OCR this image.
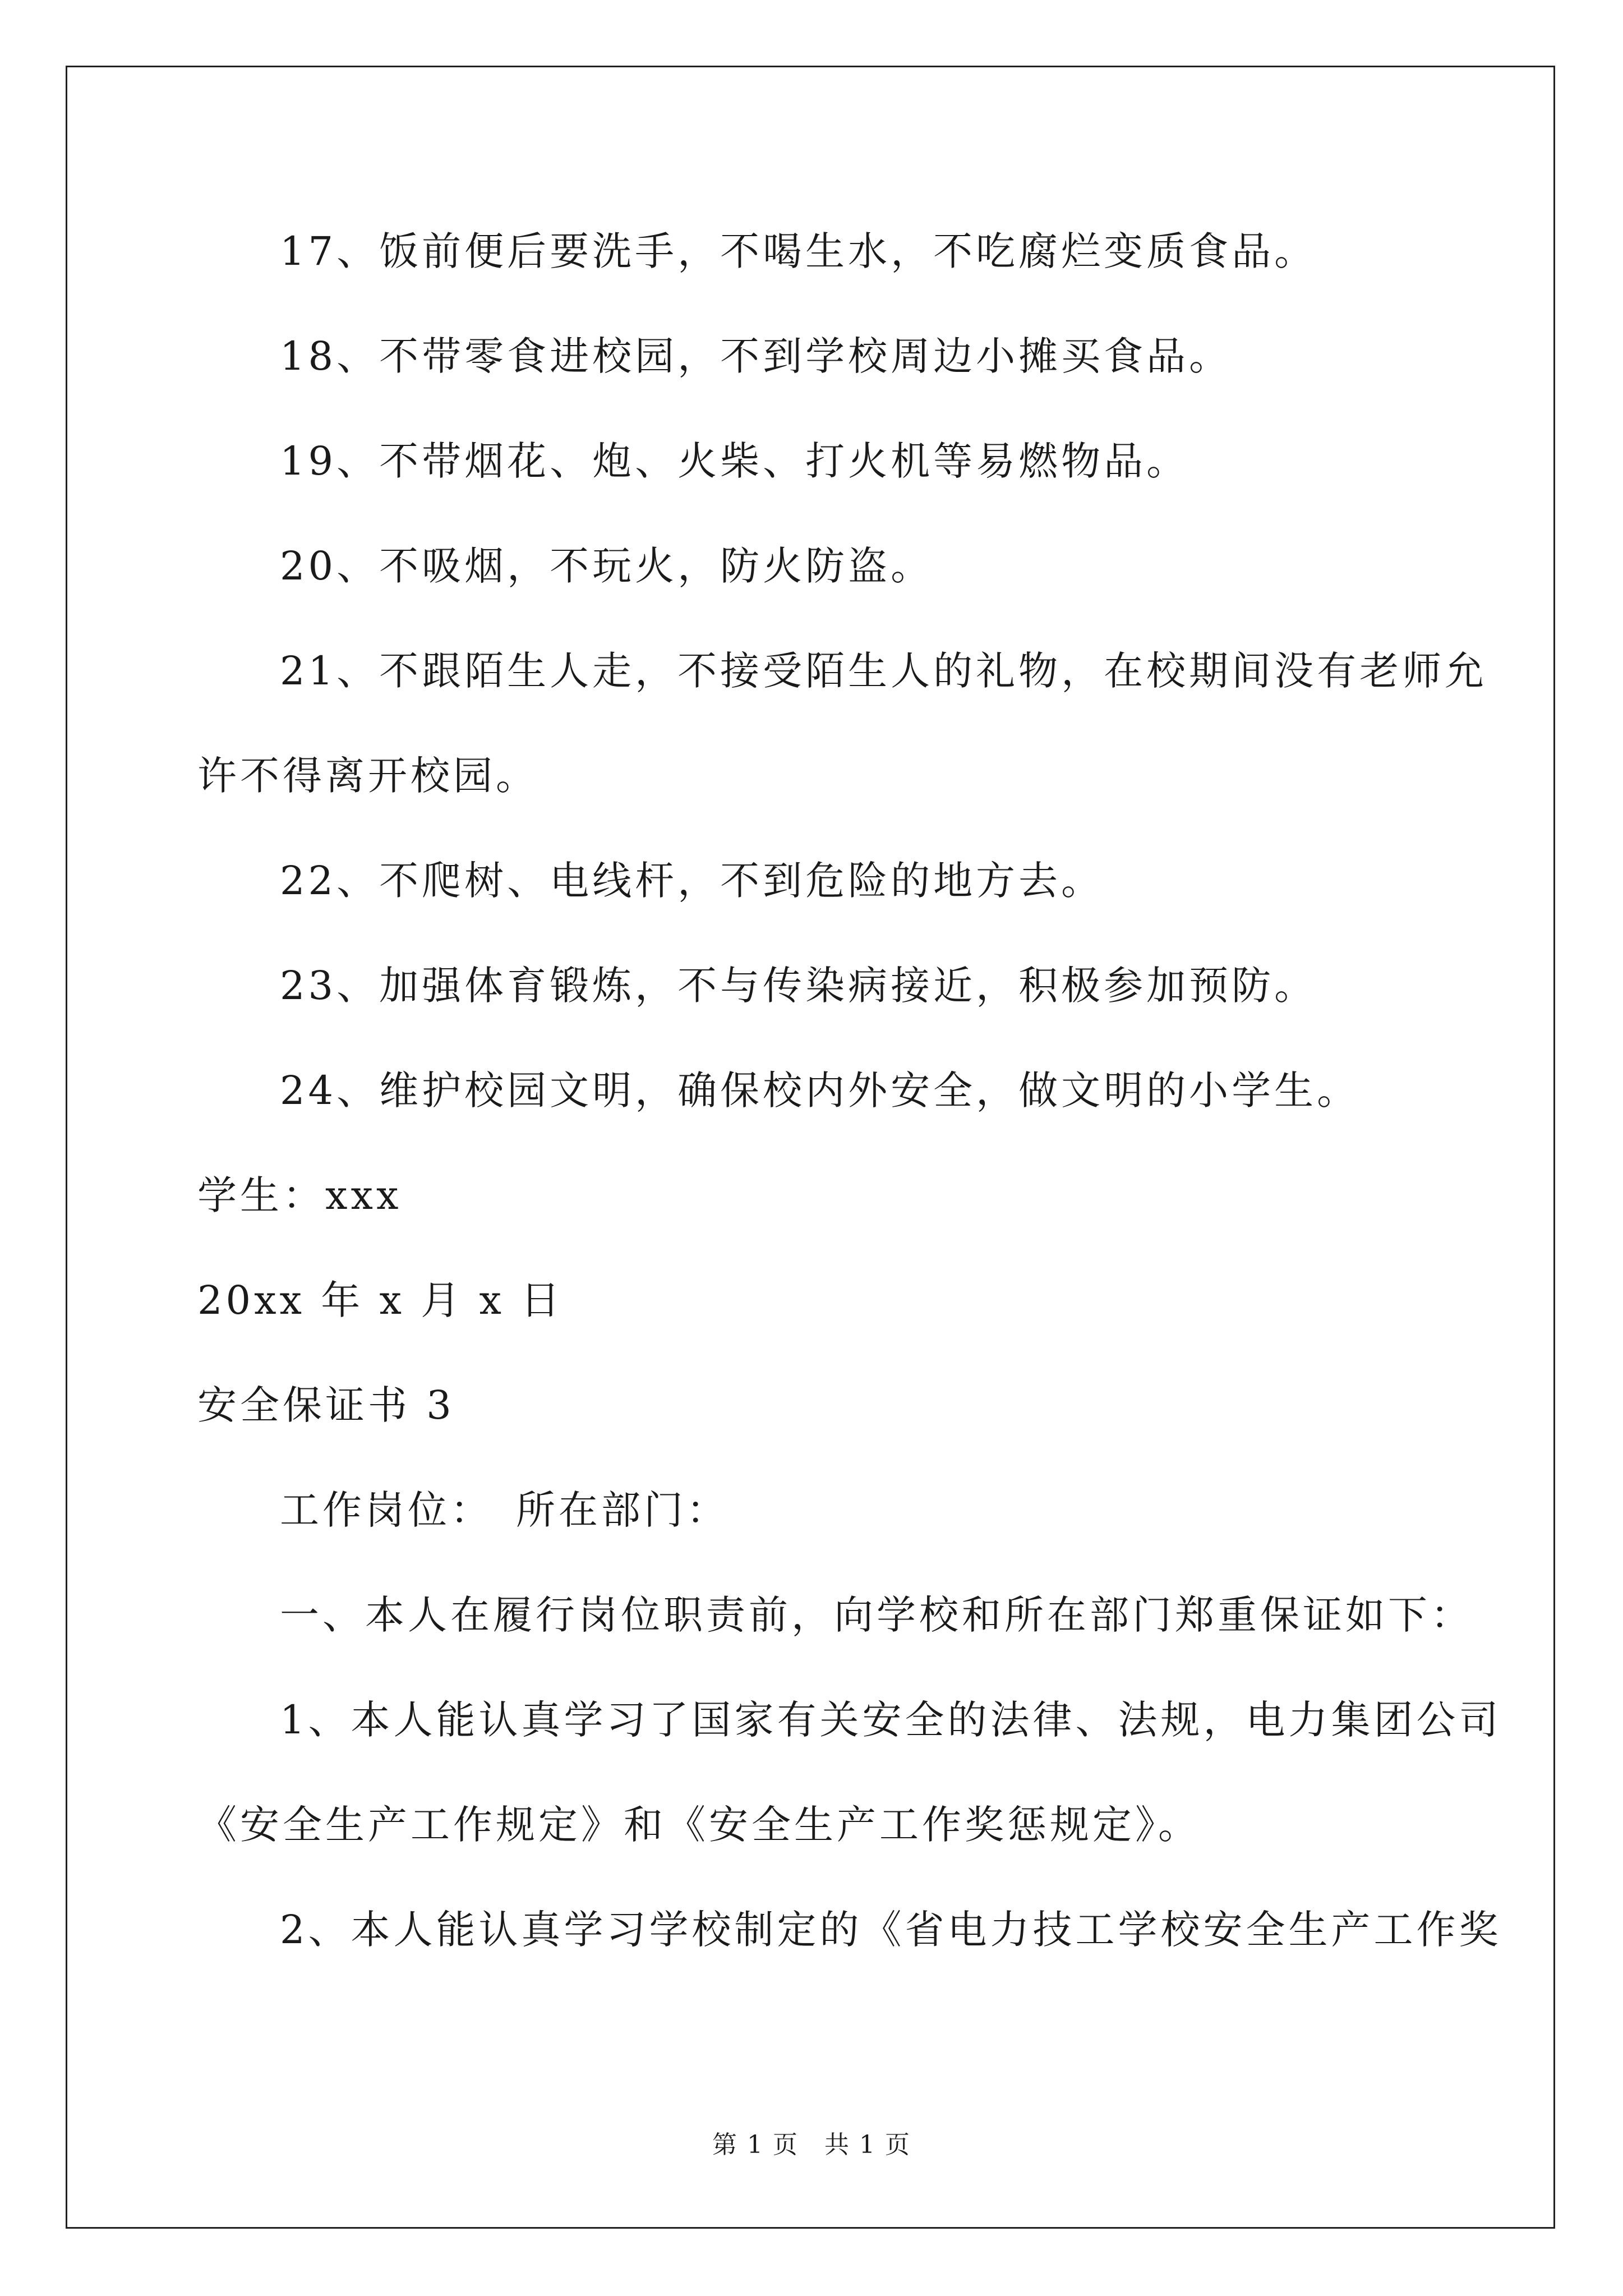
17、饭前便后要洗手，不喝生水，不吃腐烂变质食品。
18、不带零食进校园，不到学校周边小摊买食品。
19、不带烟花、炮、火柴、打火机等易燃物品。
20、不吸烟，不玩火，防火防盗。
21、不跟陌生人走，不接受陌生人的礼物，在校期间没有老师允
许不得离开校园。
22、不爬树、电线杆，不到危险的地方去。
23、加强体育锻炼，不与传染病接近，积极参加预防。
24、维护校园文明，确保校内外安全，做文明的小学生。
学生：xxx
20xx 年 x 月 x 日
安全保证书 3
工作岗位：　所在部门：
一、本人在履行岗位职责前，向学校和所在部门郑重保证如下：
1、本人能认真学习了国家有关安全的法律、法规，电力集团公司
《安全生产工作规定》和《安全生产工作奖惩规定》。
2、本人能认真学习学校制定的《省电力技工学校安全生产工作奖
第 1 页　共 1 页
